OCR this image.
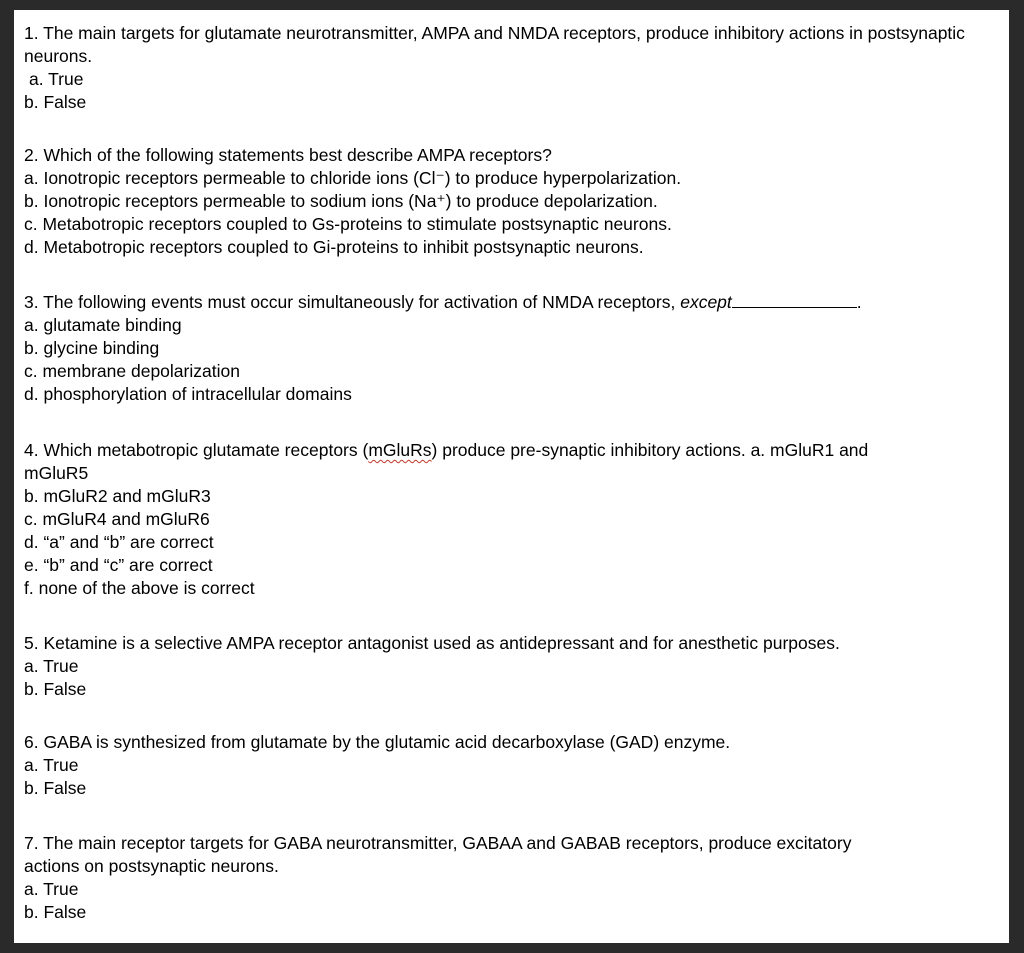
1. The main targets for glutamate neurotransmitter, AMPA and NMDA receptors, produce inhibitory actions in postsynaptic neurons.
a. True
b. False
2. Which of the following statements best describe AMPA receptors?
a. Ionotropic receptors permeable to chloride ions (Cl⁻) to produce hyperpolarization.
b. Ionotropic receptors permeable to sodium ions (Na⁺) to produce depolarization.
c. Metabotropic receptors coupled to Gs-proteins to stimulate postsynaptic neurons.
d. Metabotropic receptors coupled to Gi-proteins to inhibit postsynaptic neurons.
3. The following events must occur simultaneously for activation of NMDA receptors, except	.
a. glutamate binding
b. glycine binding
c. membrane depolarization
d. phosphorylation of intracellular domains
4. Which metabotropic glutamate receptors (mGluRs) produce pre-synaptic inhibitory actions. a. mGluR1 and mGluR5
b. mGluR2 and mGluR3
c. mGluR4 and mGluR6
d. “a” and “b” are correct
e. “b” and “c” are correct
f. none of the above is correct
5. Ketamine is a selective AMPA receptor antagonist used as antidepressant and for anesthetic purposes.
a. True
b. False
6. GABA is synthesized from glutamate by the glutamic acid decarboxylase (GAD) enzyme.
a. True
b. False
7. The main receptor targets for GABA neurotransmitter, GABAA and GABAB receptors, produce excitatory actions on postsynaptic neurons.
a. True
b. False
